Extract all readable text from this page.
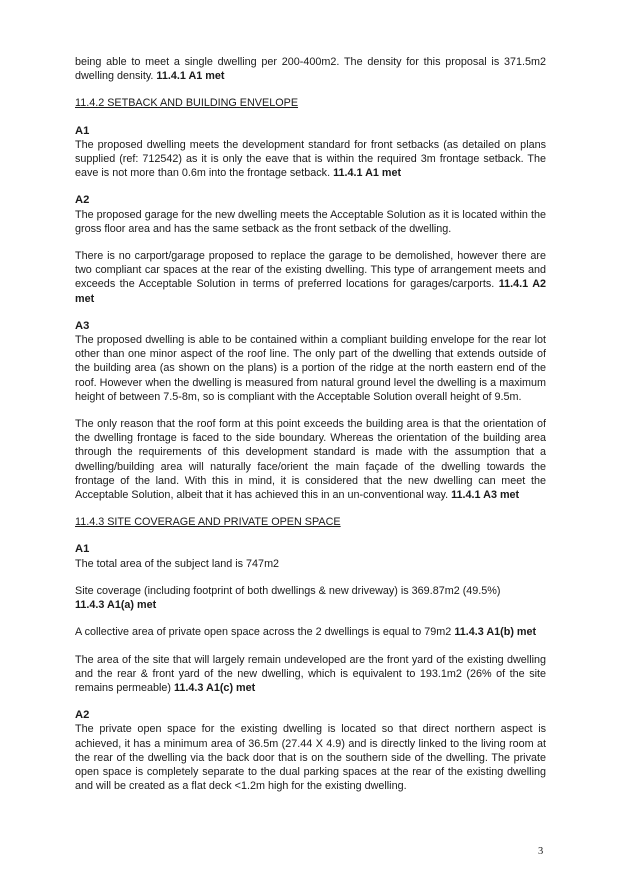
being able to meet a single dwelling per 200-400m2. The density for this proposal is 371.5m2 dwelling density. 11.4.1 A1 met

11.4.2 SETBACK AND BUILDING ENVELOPE

A1

The proposed dwelling meets the development standard for front setbacks (as detailed on plans supplied (ref: 712542) as it is only the eave that is within the required 3m frontage setback. The eave is not more than 0.6m into the frontage setback. 11.4.1 A1 met

A2

The proposed garage for the new dwelling meets the Acceptable Solution as it is located within the gross floor area and has the same setback as the front setback of the dwelling.

There is no carport/garage proposed to replace the garage to be demolished, however there are two compliant car spaces at the rear of the existing dwelling. This type of arrangement meets and exceeds the Acceptable Solution in terms of preferred locations for garages/carports. 11.4.1 A2 met

A3

The proposed dwelling is able to be contained within a compliant building envelope for the rear lot other than one minor aspect of the roof line. The only part of the dwelling that extends outside of the building area (as shown on the plans) is a portion of the ridge at the north eastern end of the roof. However when the dwelling is measured from natural ground level the dwelling is a maximum height of between 7.5-8m, so is compliant with the Acceptable Solution overall height of 9.5m.

The only reason that the roof form at this point exceeds the building area is that the orientation of the dwelling frontage is faced to the side boundary. Whereas the orientation of the building area through the requirements of this development standard is made with the assumption that a dwelling/building area will naturally face/orient the main façade of the dwelling towards the frontage of the land. With this in mind, it is considered that the new dwelling can meet the Acceptable Solution, albeit that it has achieved this in an un-conventional way. 11.4.1 A3 met

11.4.3 SITE COVERAGE AND PRIVATE OPEN SPACE

A1

The total area of the subject land is 747m2

Site coverage (including footprint of both dwellings & new driveway) is 369.87m2 (49.5%)
11.4.3 A1(a) met

A collective area of private open space across the 2 dwellings is equal to 79m2 11.4.3 A1(b) met

The area of the site that will largely remain undeveloped are the front yard of the existing dwelling and the rear & front yard of the new dwelling, which is equivalent to 193.1m2 (26% of the site remains permeable) 11.4.3 A1(c) met

A2

The private open space for the existing dwelling is located so that direct northern aspect is achieved, it has a minimum area of 36.5m (27.44 X 4.9) and is directly linked to the living room at the rear of the dwelling via the back door that is on the southern side of the dwelling. The private open space is completely separate to the dual parking spaces at the rear of the existing dwelling and will be created as a flat deck <1.2m high for the existing dwelling.

3
